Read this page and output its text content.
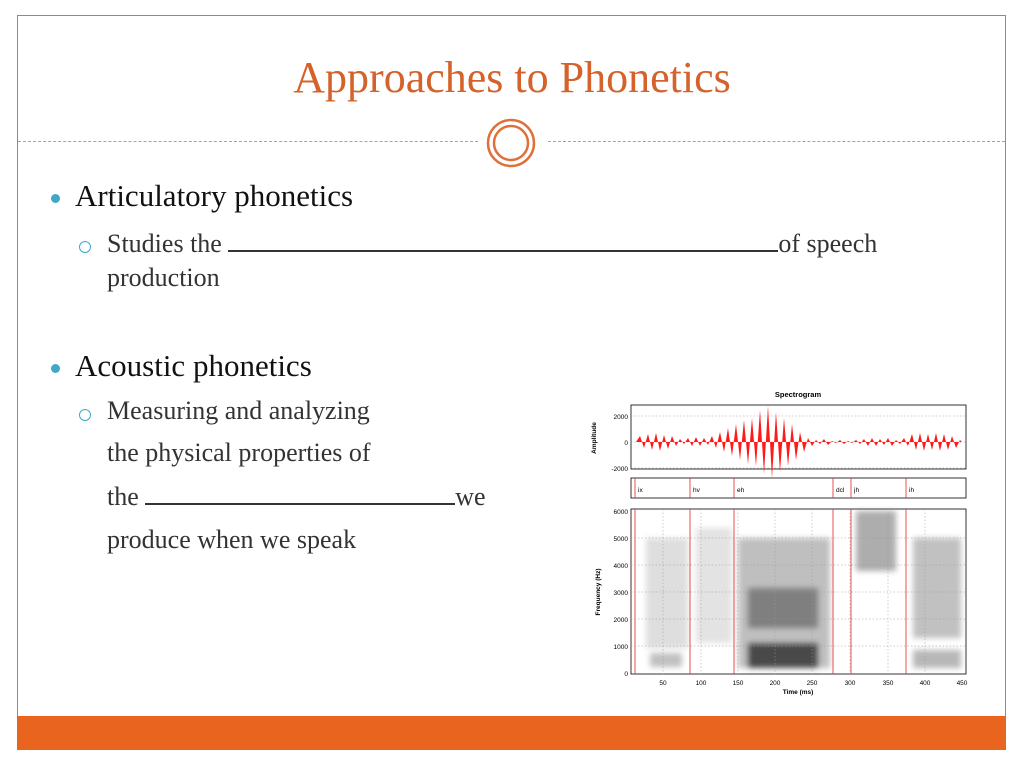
Approaches to Phonetics
Articulatory phonetics
Studies the	of speech
production
Acoustic phonetics
Measuring and analyzing
the physical properties of
the	we
produce when we speak
Spectrogram
2000
0
-2000
Amplitude
ix	hv	eh	dcl jh	ih
6000
5000
4000
3000
2000
1000
0
Frequency (Hz)
50	100	150	200	250	300	350	400	450
Time (ms)
